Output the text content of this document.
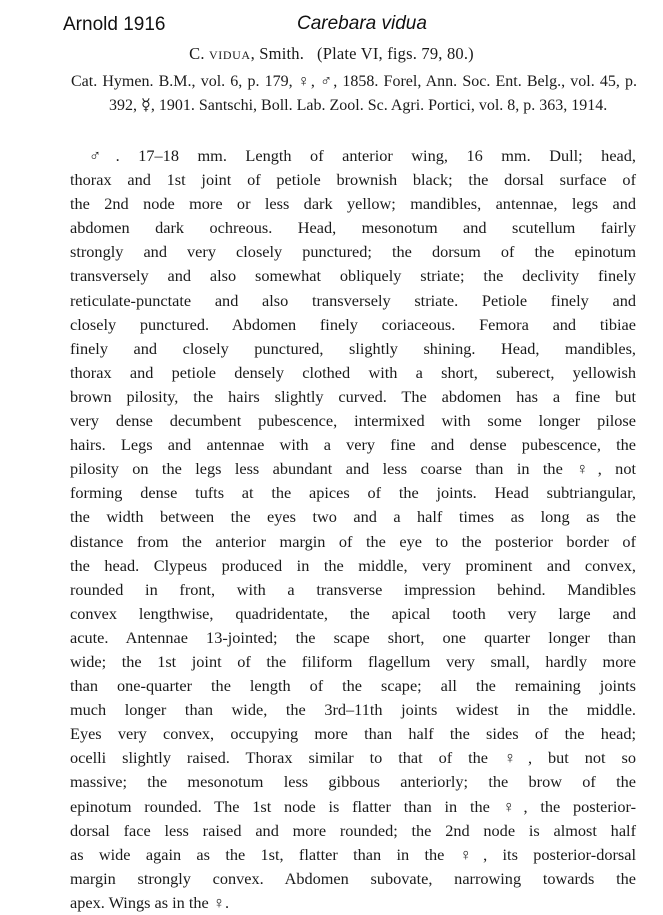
Arnold 1916	Carebara vidua
C. vidua, Smith.   (Plate VI, figs. 79, 80.)
Cat. Hymen. B.M., vol. 6, p. 179, ♀, ♂, 1858. Forel, Ann. Soc. Ent. Belg., vol. 45, p. 392, ☿, 1901. Santschi, Boll. Lab. Zool. Sc. Agri. Portici, vol. 8, p. 363, 1914.
♂. 17–18 mm. Length of anterior wing, 16 mm. Dull; head,
thorax and 1st joint of petiole brownish black; the dorsal surface of
the 2nd node more or less dark yellow; mandibles, antennae, legs and
abdomen dark ochreous. Head, mesonotum and scutellum fairly
strongly and very closely punctured; the dorsum of the epinotum
transversely and also somewhat obliquely striate; the declivity finely
reticulate-punctate and also transversely striate. Petiole finely and
closely punctured. Abdomen finely coriaceous. Femora and tibiae
finely and closely punctured, slightly shining. Head, mandibles,
thorax and petiole densely clothed with a short, suberect, yellowish
brown pilosity, the hairs slightly curved. The abdomen has a fine but
very dense decumbent pubescence, intermixed with some longer pilose
hairs. Legs and antennae with a very fine and dense pubescence, the
pilosity on the legs less abundant and less coarse than in the ♀, not
forming dense tufts at the apices of the joints. Head subtriangular,
the width between the eyes two and a half times as long as the
distance from the anterior margin of the eye to the posterior border of
the head. Clypeus produced in the middle, very prominent and convex,
rounded in front, with a transverse impression behind. Mandibles
convex lengthwise, quadridentate, the apical tooth very large and
acute. Antennae 13-jointed; the scape short, one quarter longer than
wide; the 1st joint of the filiform flagellum very small, hardly more
than one-quarter the length of the scape; all the remaining joints
much longer than wide, the 3rd–11th joints widest in the middle.
Eyes very convex, occupying more than half the sides of the head;
ocelli slightly raised. Thorax similar to that of the ♀, but not so
massive; the mesonotum less gibbous anteriorly; the brow of the
epinotum rounded. The 1st node is flatter than in the ♀, the posterior-
dorsal face less raised and more rounded; the 2nd node is almost half
as wide again as the 1st, flatter than in the ♀, its posterior-dorsal
margin strongly convex. Abdomen subovate, narrowing towards the
apex. Wings as in the ♀.
